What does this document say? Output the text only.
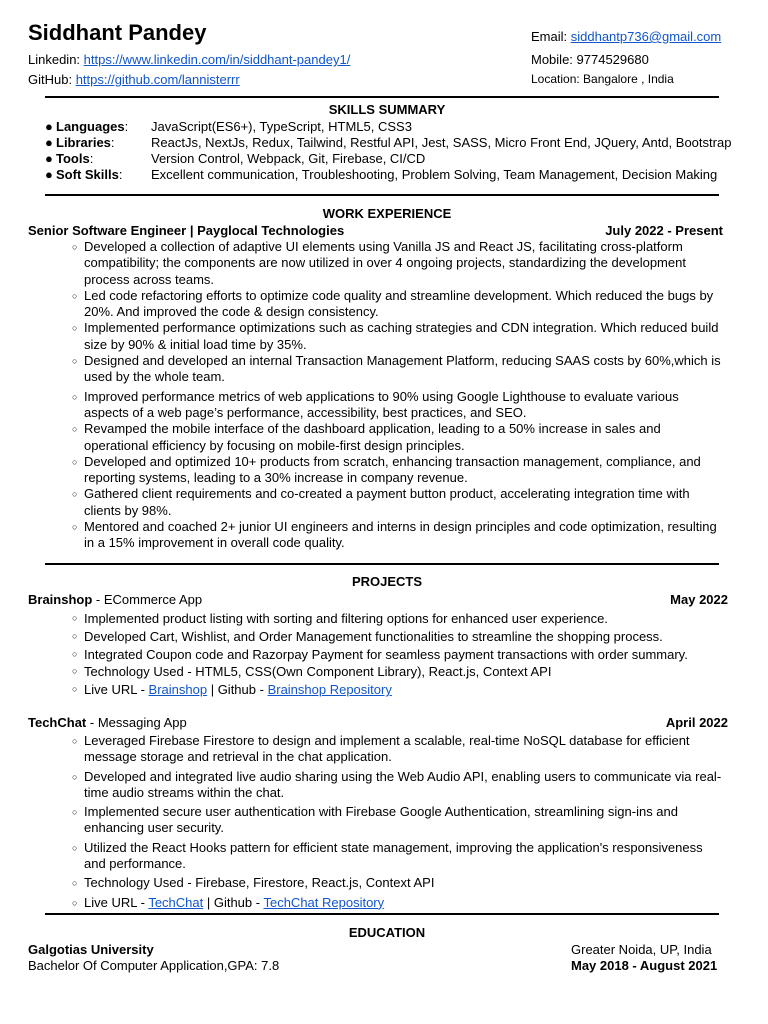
Siddhant Pandey
Linkedin: https://www.linkedin.com/in/siddhant-pandey1/
GitHub: https://github.com/lannisterrr
Email: siddhantp736@gmail.com
Mobile: 9774529680
Location: Bangalore , India
SKILLS SUMMARY
● Languages:	JavaScript(ES6+), TypeScript, HTML5, CSS3
● Libraries:	ReactJs, NextJs, Redux, Tailwind, Restful API, Jest, SASS, Micro Front End, JQuery, Antd, Bootstrap
● Tools:	Version Control, Webpack, Git, Firebase, CI/CD
● Soft Skills:	Excellent communication, Troubleshooting, Problem Solving, Team Management, Decision Making
WORK EXPERIENCE
Senior Software Engineer | Payglocal Technologies	July 2022 - Present
○ Developed a collection of adaptive UI elements using Vanilla JS and React JS, facilitating cross-platform compatibility; the components are now utilized in over 4 ongoing projects, standardizing the development process across teams.
○ Led code refactoring efforts to optimize code quality and streamline development. Which reduced the bugs by 20%. And improved the code & design consistency.
○ Implemented performance optimizations such as caching strategies and CDN integration. Which reduced build size by 90% & initial load time by 35%.
○ Designed and developed an internal Transaction Management Platform, reducing SAAS costs by 60%,which is used by the whole team.
○ Improved performance metrics of web applications to 90% using Google Lighthouse to evaluate various aspects of a web page’s performance, accessibility, best practices, and SEO.
○ Revamped the mobile interface of the dashboard application, leading to a 50% increase in sales and operational efficiency by focusing on mobile-first design principles.
○ Developed and optimized 10+ products from scratch, enhancing transaction management, compliance, and reporting systems, leading to a 30% increase in company revenue.
○ Gathered client requirements and co-created a payment button product, accelerating integration time with clients by 98%.
○ Mentored and coached 2+ junior UI engineers and interns in design principles and code optimization, resulting in a 15% improvement in overall code quality.
PROJECTS
Brainshop - ECommerce App	May 2022
○ Implemented product listing with sorting and filtering options for enhanced user experience.
○ Developed Cart, Wishlist, and Order Management functionalities to streamline the shopping process.
○ Integrated Coupon code and Razorpay Payment for seamless payment transactions with order summary.
○ Technology Used - HTML5, CSS(Own Component Library), React.js, Context API
○ Live URL - Brainshop | Github - Brainshop Repository
TechChat - Messaging App	April 2022
○ Leveraged Firebase Firestore to design and implement a scalable, real-time NoSQL database for efficient message storage and retrieval in the chat application.
○ Developed and integrated live audio sharing using the Web Audio API, enabling users to communicate via real-time audio streams within the chat.
○ Implemented secure user authentication with Firebase Google Authentication, streamlining sign-ins and enhancing user security.
○ Utilized the React Hooks pattern for efficient state management, improving the application's responsiveness and performance.
○ Technology Used - Firebase, Firestore, React.js, Context API
○ Live URL - TechChat | Github - TechChat Repository
EDUCATION
Galgotias University	Greater Noida, UP, India
Bachelor Of Computer Application,GPA: 7.8	May 2018 - August 2021
